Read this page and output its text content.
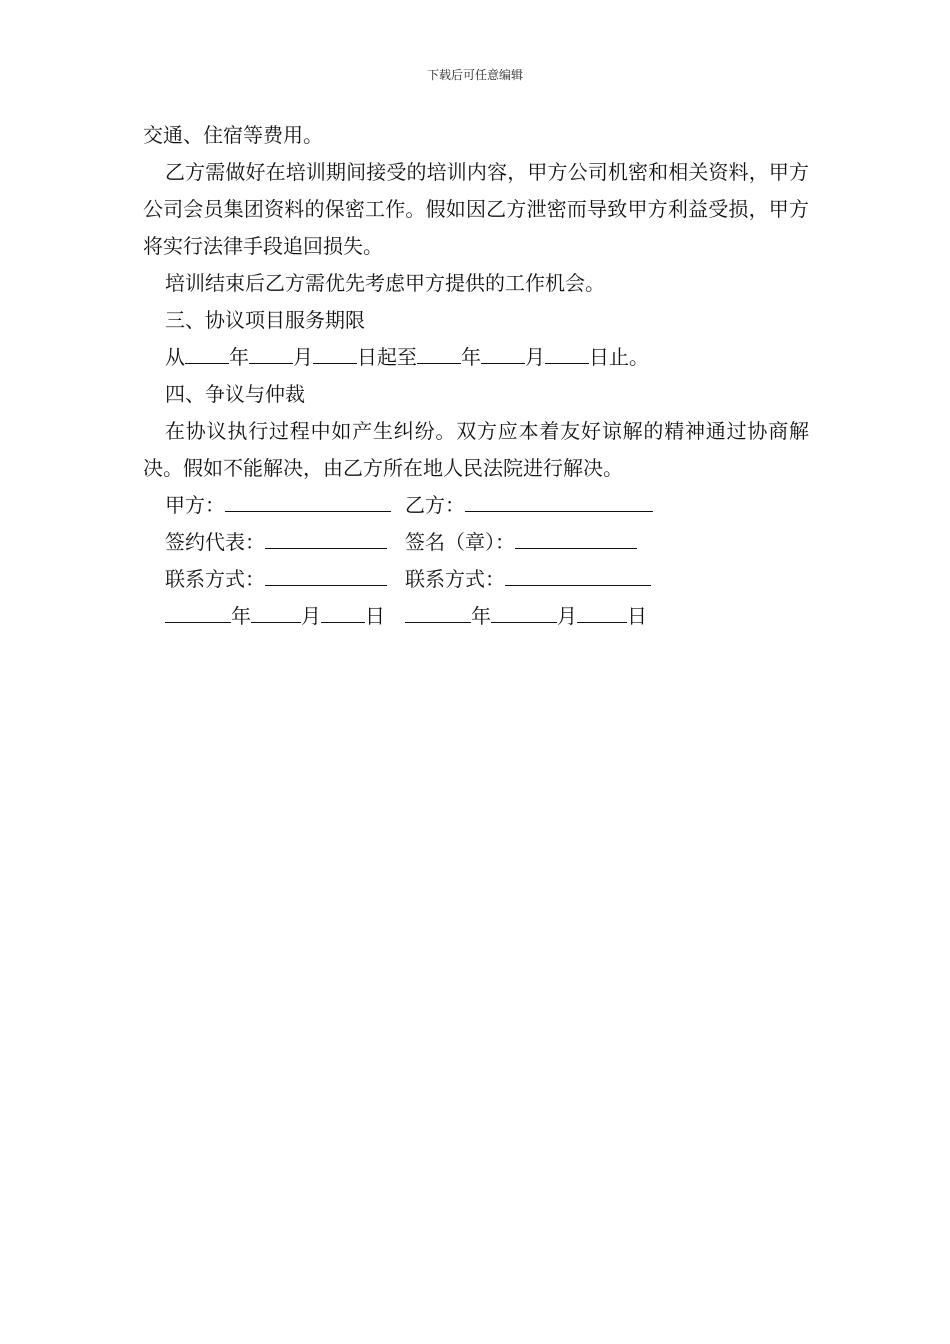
下载后可任意编辑

交通、住宿等费用。

乙方需做好在培训期间接受的培训内容，甲方公司机密和相关资料，甲方公司会员集团资料的保密工作。假如因乙方泄密而导致甲方利益受损，甲方将实行法律手段追回损失。

培训结束后乙方需优先考虑甲方提供的工作机会。

三、协议项目服务期限

从 年 月 日起至 年 月 日止。

四、争议与仲裁

在协议执行过程中如产生纠纷。双方应本着友好谅解的精神通过协商解决。假如不能解决，由乙方所在地人民法院进行解决。

甲方：	乙方：
签约代表：	签名（章）：
联系方式：	联系方式：
年	月 日	年	月	日
